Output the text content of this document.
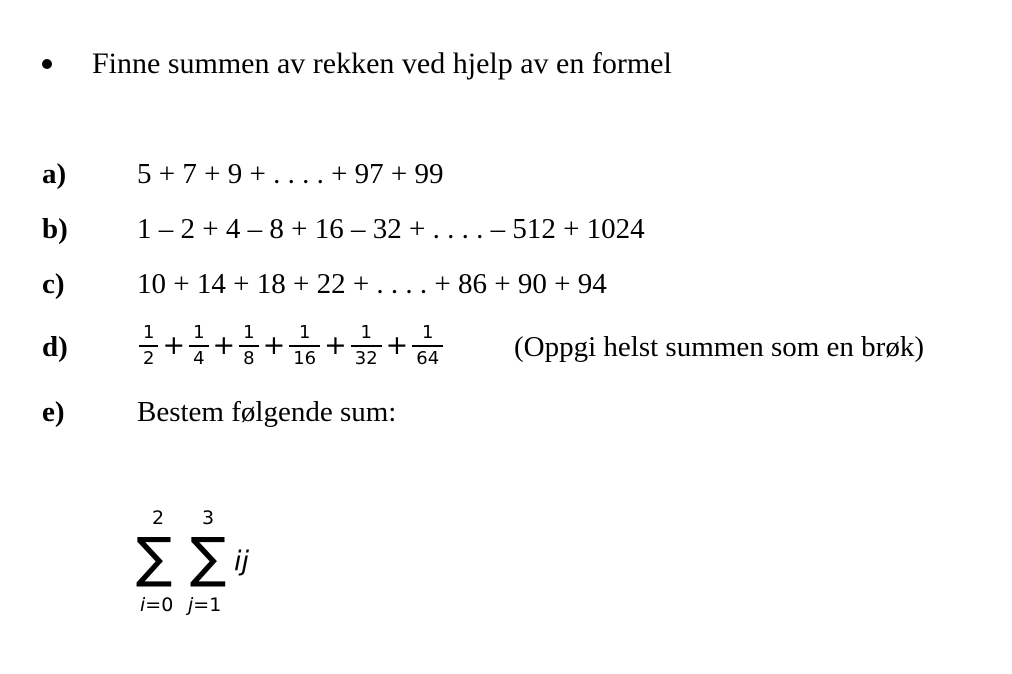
Finne summen av rekken ved hjelp av en formel
a) 5 + 7 + 9 + . . . . + 97 + 99
b) 1 – 2 + 4 – 8 + 16 – 32 + . . . . – 512 + 1024
c) 10 + 14 + 18 + 22 + . . . . + 86 + 90 + 94
d)	$\frac{1}{2} + \frac{1}{4} + \frac{1}{8} + \frac{1}{16} + \frac{1}{32} + \frac{1}{64}$ (Oppgi helst summen som en brøk)
e) Bestem følgende sum:
2 3
∑ ∑
i=0 j=1
ij
